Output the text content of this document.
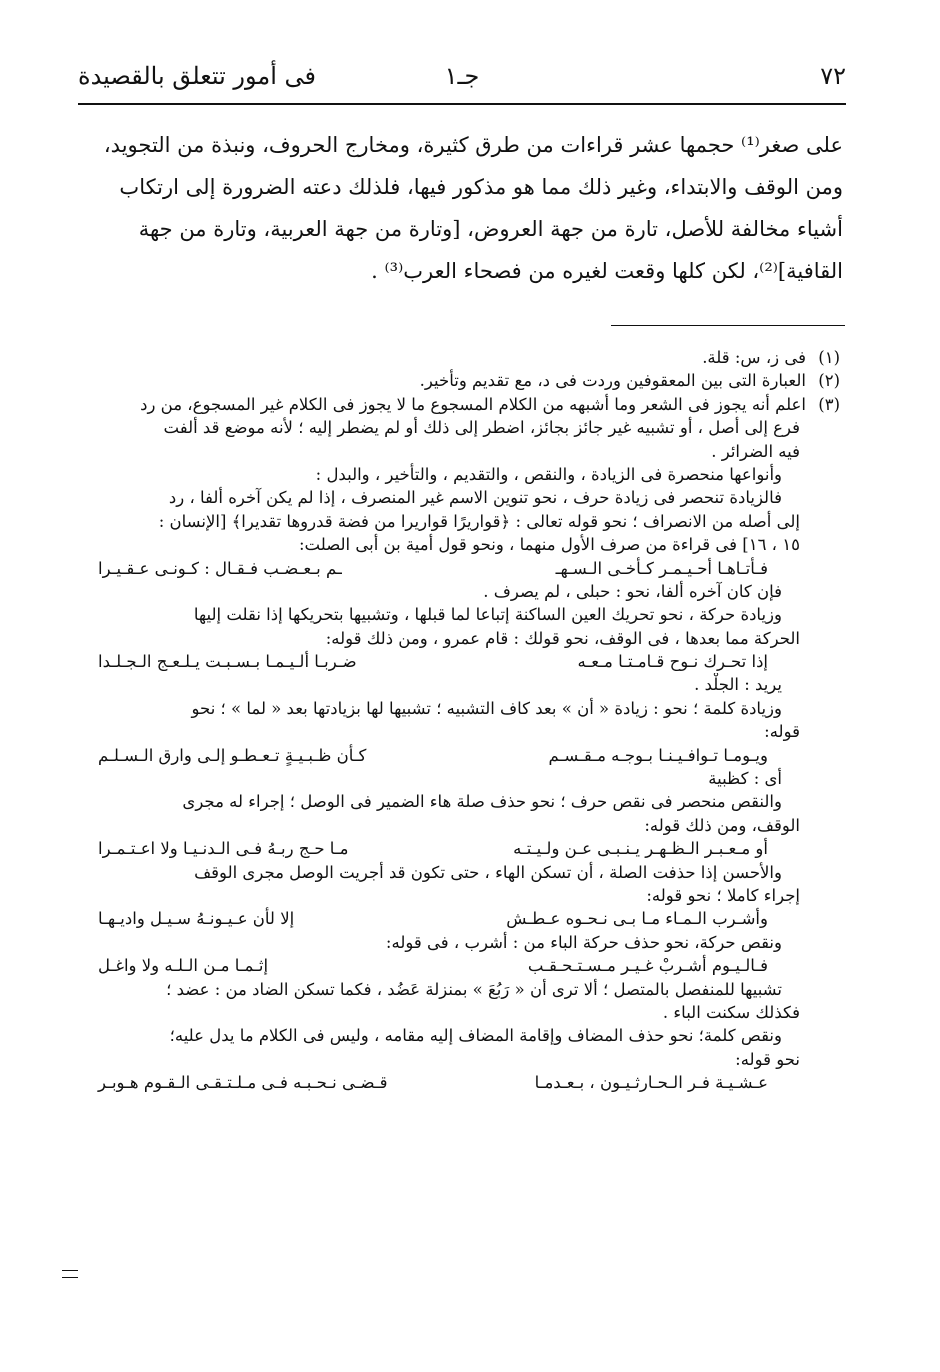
٧٢
جـ١
فى أمور تتعلق بالقصيدة
على صغر⁽¹⁾ حجمها عشر قراءات من طرق كثيرة، ومخارج الحروف، ونبذة من التجويد،
ومن الوقف والابتداء، وغير ذلك مما هو مذكور فيها، فلذلك دعته الضرورة إلى ارتكاب
أشياء مخالفة للأصل، تارة من جهة العروض، [وتارة من جهة العربية، وتارة من جهة
القافية]⁽²⁾، لكن كلها وقعت لغيره من فصحاء العرب⁽³⁾ .
(١)فى ز، س: قلة.
(٢)العبارة التى بين المعقوفين وردت فى د، مع تقديم وتأخير.
(٣)اعلم أنه يجوز فى الشعر وما أشبهه من الكلام المسجوع ما لا يجوز فى الكلام غير المسجوع، من رد
فرع إلى أصل ، أو تشبيه غير جائز بجائز، اضطر إلى ذلك أو لم يضطر إليه ؛ لأنه موضع قد ألفت
فيه الضرائر .
وأنواعها منحصرة فى الزيادة ، والنقص ، والتقديم ، والتأخير ، والبدل :
فالزيادة تنحصر فى زيادة حرف ، نحو تنوين الاسم غير المنصرف ، إذا لم يكن آخره ألفا ، رد
إلى أصله من الانصراف ؛ نحو قوله تعالى : ﴿قواريرًا قواريرا من فضة قدروها تقديرا﴾ [الإنسان :
١٥ ، ١٦] فى قراءة من صرف الأول منهما ، ونحو قول أمية بن أبى الصلت:
فـأتـاهـا أحـيـمـر كـأخـى الـسـهـ
ـم بـعـضـب فـقـال : كـونـى عـقـيـرا
فإن كان آخره ألفا، نحو : حبلى ، لم يصرف .
وزيادة حركة ، نحو تحريك العين الساكنة إتباعا لما قبلها ، وتشبيها بتحريكها إذا نقلت إليها
الحركة مما بعدها ، فى الوقف، نحو قولك : قام عمرو ، ومن ذلك قوله:
إذا تحـرك نـوح قـامـتـا مـعـه
ضـربـا ألـيـمـا بـسـبـت يـلـعـج الـجـلـدا
يريد : الجلْد .
وزيادة كلمة ؛ نحو : زيادة « أن » بعد كاف التشبيه ؛ تشبيها لها بزيادتها بعد « لما » ؛ نحو
قوله:
ويـومـا تـوافـيـنـا بـوجـه مـقـسـم
كـأن ظـبـيـةٍ تـعـطـو إلـى وارق الـسـلـم
أى : كظبية
والنقص منحصر فى نقص حرف ؛ نحو حذف صلة هاء الضمير فى الوصل ؛ إجراء له مجرى
الوقف، ومن ذلك قوله:
أو مـعـبـر الـظـهـر يـنـبـى عـن ولـيـتـه
مـا حـج ربـهُ فـى الـدنـيـا ولا اعـتـمـرا
والأحسن إذا حذفت الصلة ، أن تسكن الهاء ، حتى تكون قد أجريت الوصل مجرى الوقف
إجراء كاملا ؛ نحو قوله:
وأشـرب الـمـاء مـا بـى نـحـوه عـطـش
إلا لأن عـيـونـهُ سـيـل واديـهـا
ونقص حركة، نحو حذف حركة الباء من : أشرب ، فى قوله:
فـالـيـوم أشـربْ غـيـر مـسـتـحـقـب
إثـمـا مـن الـلـه ولا واغـل
تشبيها للمنفصل بالمتصل ؛ ألا ترى أن « رَبُعَ » بمنزلة عَضُد ، فكما تسكن الضاد من : عضد ؛
فكذلك سكنت الباء .
ونقص كلمة؛ نحو حذف المضاف وإقامة المضاف إليه مقامه ، وليس فى الكلام ما يدل عليه؛
نحو قوله:
عـشـيـة فـر الـحـارثـيـون ، بـعـدمـا
قـضـى نـحـبـه فـى مـلـتـقـى الـقـوم هـوبـر
